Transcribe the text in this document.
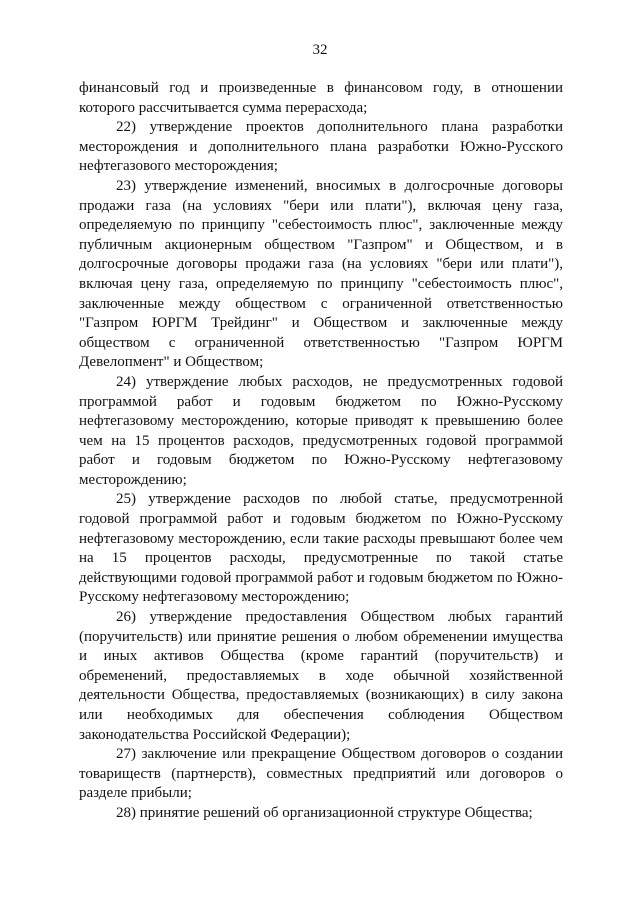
32

финансовый год и произведенные в финансовом году, в отношении которого рассчитывается сумма перерасхода;

22) утверждение проектов дополнительного плана разработки месторождения и дополнительного плана разработки Южно-Русского нефтегазового месторождения;

23) утверждение изменений, вносимых в долгосрочные договоры продажи газа (на условиях "бери или плати"), включая цену газа, определяемую по принципу "себестоимость плюс", заключенные между публичным акционерным обществом "Газпром" и Обществом, и в долгосрочные договоры продажи газа (на условиях "бери или плати"), включая цену газа, определяемую по принципу "себестоимость плюс", заключенные между обществом с ограниченной ответственностью "Газпром ЮРГМ Трейдинг" и Обществом и заключенные между обществом с ограниченной ответственностью "Газпром ЮРГМ Девелопмент" и Обществом;

24) утверждение любых расходов, не предусмотренных годовой программой работ и годовым бюджетом по Южно-Русскому нефтегазовому месторождению, которые приводят к превышению более чем на 15 процентов расходов, предусмотренных годовой программой работ и годовым бюджетом по Южно-Русскому нефтегазовому месторождению;

25) утверждение расходов по любой статье, предусмотренной годовой программой работ и годовым бюджетом по Южно-Русскому нефтегазовому месторождению, если такие расходы превышают более чем на 15 процентов расходы, предусмотренные по такой статье действующими годовой программой работ и годовым бюджетом по Южно-Русскому нефтегазовому месторождению;

26) утверждение предоставления Обществом любых гарантий (поручительств) или принятие решения о любом обременении имущества и иных активов Общества (кроме гарантий (поручительств) и обременений, предоставляемых в ходе обычной хозяйственной деятельности Общества, предоставляемых (возникающих) в силу закона или необходимых для обеспечения соблюдения Обществом законодательства Российской Федерации);

27) заключение или прекращение Обществом договоров о создании товариществ (партнерств), совместных предприятий или договоров о разделе прибыли;

28) принятие решений об организационной структуре Общества;
